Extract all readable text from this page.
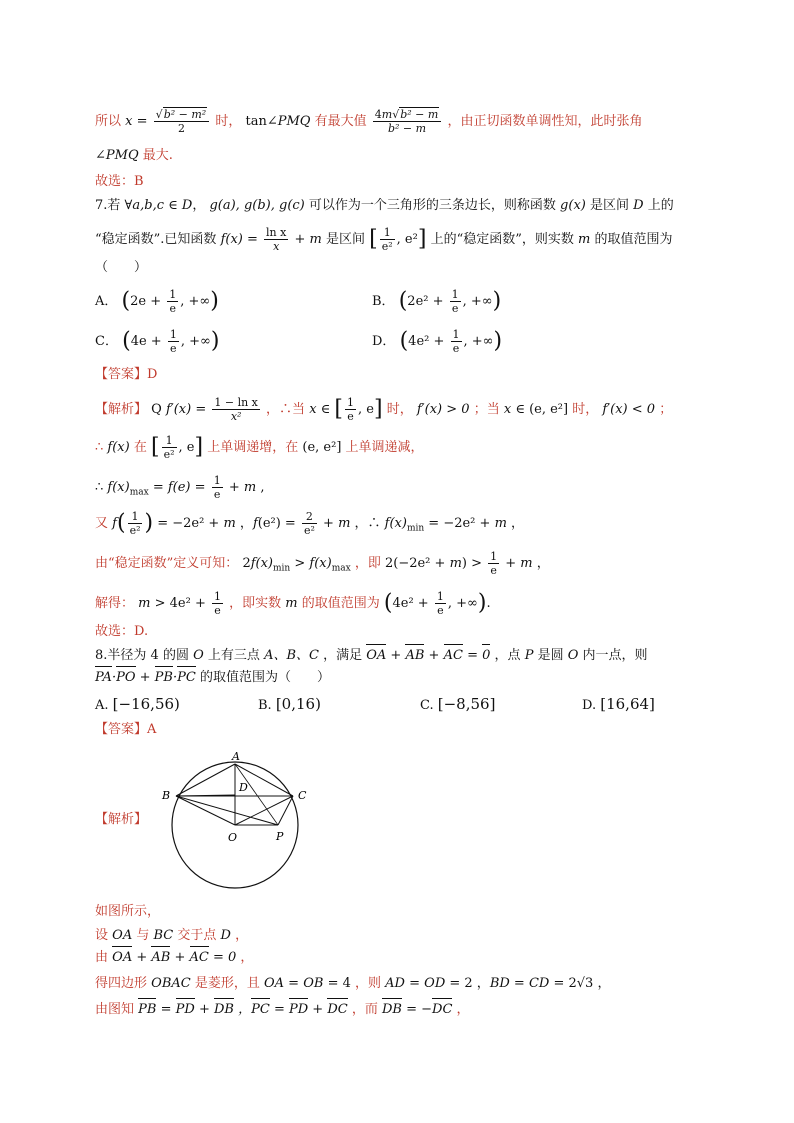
所以 $x = \frac{\text{√b² − m²}}{2}$ 时， tan∠PMQ 有最大值 $\frac{\text{4m√b² − m}}{\text{b² − m}}$ ，由正切函数单调性知，此时张角
∠PMQ 最大.
故选：B
7.若 ∀a,b,c ∈ D， g(a), g(b), g(c) 可以作为一个三角形的三条边长，则称函数 g(x) 是区间 D 上的
“稳定函数”.已知函数 $f(x) = \frac{\text{ln x}}{x} + m$ 是区间 [ $\frac{1}{\text{e²}}$ , e²] 上的“稳定函数”，则实数 m 的取值范围为
（　　）
A． ($2e + \frac{1}{e}$ , +∞)	B． ($2e^2 + \frac{1}{e}$ , +∞)
C． ($4e + \frac{1}{e}$ , +∞)	D． ($4e^2 + \frac{1}{e}$ , +∞)
【答案】D
【解析】 Q $f'(x) = \frac{\text{1 − ln x}}{\text{x²}}$ ，∴当 x ∈ [ $\frac{1}{e}$ , e] 时， f′(x) > 0 ；当 x ∈ (e, e²] 时， f′(x) < 0 ；
∴ f(x) 在 [ $\frac{1}{\text{e²}}$ , e] 上单调递增，在 (e, e²] 上单调递减，
∴ $f(x)_{max} = f(e) = \frac{1}{e} + m$ ,
又 $f( \frac{1}{\text{e²}}$ ) = −2e² + m ，$f(e^2) = \frac{2}{\text{e²}} + m$ ，∴ $f(x)_{min} = -2e^2 + m$ ，
由“稳定函数”定义可知： $2f(x)_{min} > f(x)_{max}$ ，即 $2(-2e^2 + m) > \frac{1}{e} + m$ ，
解得： $m > 4e^2 + \frac{1}{e}$ ，即实数 m 的取值范围为 ($4e^2 + \frac{1}{e}$ , +∞).
故选：D.
8.半径为 4 的圆 O 上有三点 A、B、C ，满足 OA + AB + AC = 0 ，点 P 是圆 O 内一点，则
PA·PO + PB·PC 的取值范围为（　　）
A. [−16,56)	B. [0,16)	C. [−8,56]	D. [16,64]
【答案】A
【解析】
A
B	C
D
O	P
如图所示，
设 OA 与 BC 交于点 D ，
由 OA + AB + AC = 0 ，
得四边形 OBAC 是菱形，且 OA = OB = 4 ，则 AD = OD = 2 ，BD = CD = 2√3 ，
由图知 PB = PD + DB ，PC = PD + DC ，而 DB = −DC ，
